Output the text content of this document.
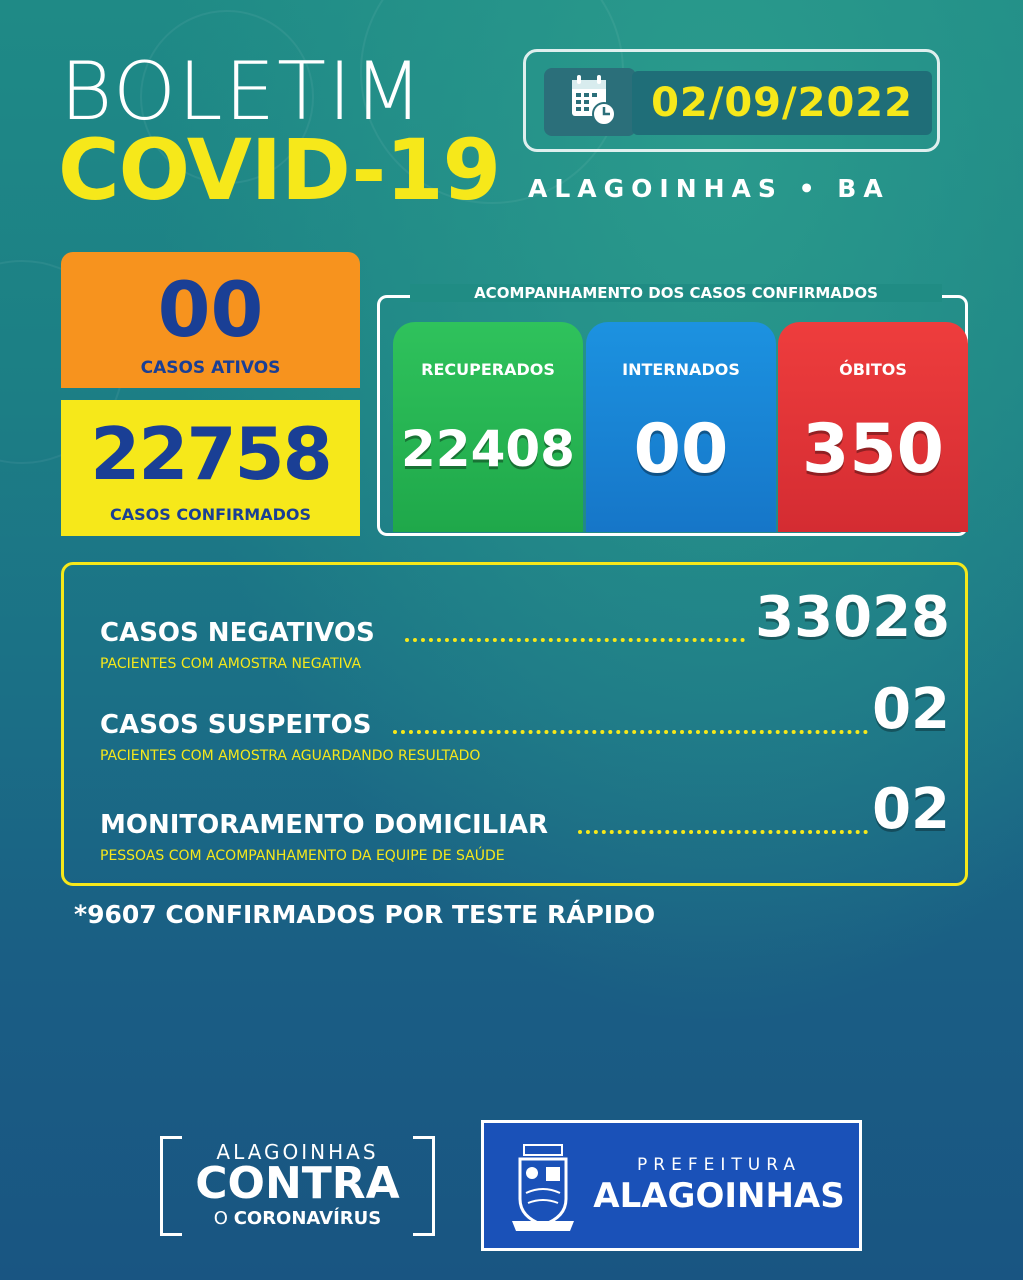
BOLETIM
COVID-19
02/09/2022
ALAGOINHAS • BA
00
CASOS ATIVOS
22758
CASOS CONFIRMADOS
ACOMPANHAMENTO DOS CASOS CONFIRMADOS
RECUPERADOS
22408
INTERNADOS
00
ÓBITOS
350
CASOS NEGATIVOS	33028
PACIENTES COM AMOSTRA NEGATIVA
CASOS SUSPEITOS	02
PACIENTES COM AMOSTRA AGUARDANDO RESULTADO
MONITORAMENTO DOMICILIAR	02
PESSOAS COM ACOMPANHAMENTO DA EQUIPE DE SAÚDE
*9607 CONFIRMADOS POR TESTE RÁPIDO
ALAGOINHAS
CONTRA
O CORONAVÍRUS
PREFEITURA
ALAGOINHAS
